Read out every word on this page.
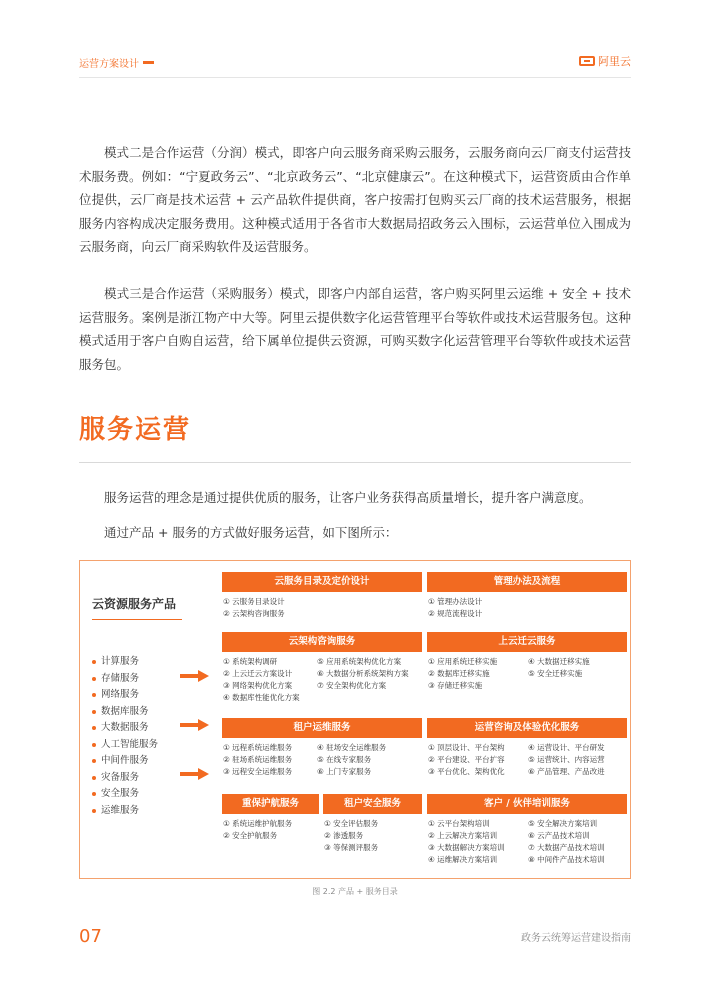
运营方案设计	阿里云

模式二是合作运营（分润）模式，即客户向云服务商采购云服务，云服务商向云厂商支付运营技术服务费。例如：“宁夏政务云”、“北京政务云”、“北京健康云”。在这种模式下，运营资质由合作单位提供，云厂商是技术运营 + 云产品软件提供商，客户按需打包购买云厂商的技术运营服务，根据服务内容构成决定服务费用。这种模式适用于各省市大数据局招政务云入围标，云运营单位入围成为云服务商，向云厂商采购软件及运营服务。

模式三是合作运营（采购服务）模式，即客户内部自运营，客户购买阿里云运维 + 安全 + 技术运营服务。案例是浙江物产中大等。阿里云提供数字化运营管理平台等软件或技术运营服务包。这种模式适用于客户自购自运营，给下属单位提供云资源，可购买数字化运营管理平台等软件或技术运营服务包。

服务运营

服务运营的理念是通过提供优质的服务，让客户业务获得高质量增长，提升客户满意度。

通过产品 + 服务的方式做好服务运营，如下图所示：

云资源服务产品
计算服务
存储服务
网络服务
数据库服务
大数据服务
人工智能服务
中间件服务
灾备服务
安全服务
运维服务
云服务目录及定价设计
① 云服务目录设计
② 云架构咨询服务
管理办法及流程
① 管理办法设计
② 规范流程设计
云架构咨询服务
① 系统架构调研
② 上云迁云方案设计
③ 网络架构优化方案
④ 数据库性能优化方案
⑤ 应用系统架构优化方案
⑥ 大数据分析系统架构方案
⑦ 安全架构优化方案
上云迁云服务
① 应用系统迁移实施
② 数据库迁移实施
③ 存储迁移实施
④ 大数据迁移实施
⑤ 安全迁移实施
租户运维服务
① 远程系统运维服务
② 驻场系统运维服务
③ 远程安全运维服务
④ 驻场安全运维服务
⑤ 在线专家服务
⑥ 上门专家服务
运营咨询及体验优化服务
① 顶层设计、平台架构
② 平台建设、平台扩容
③ 平台优化、架构优化
④ 运营设计、平台研发
⑤ 运营统计、内容运营
⑥ 产品管理、产品改进
重保护航服务
① 系统运维护航服务
② 安全护航服务
租户安全服务
① 安全评估服务
② 渗透服务
③ 等保测评服务
客户 / 伙伴培训服务
① 云平台架构培训
② 上云解决方案培训
③ 大数据解决方案培训
④ 运维解决方案培训
⑤ 安全解决方案培训
⑥ 云产品技术培训
⑦ 大数据产品技术培训
⑧ 中间件产品技术培训
图 2.2 产品 + 服务目录
07	政务云统筹运营建设指南
